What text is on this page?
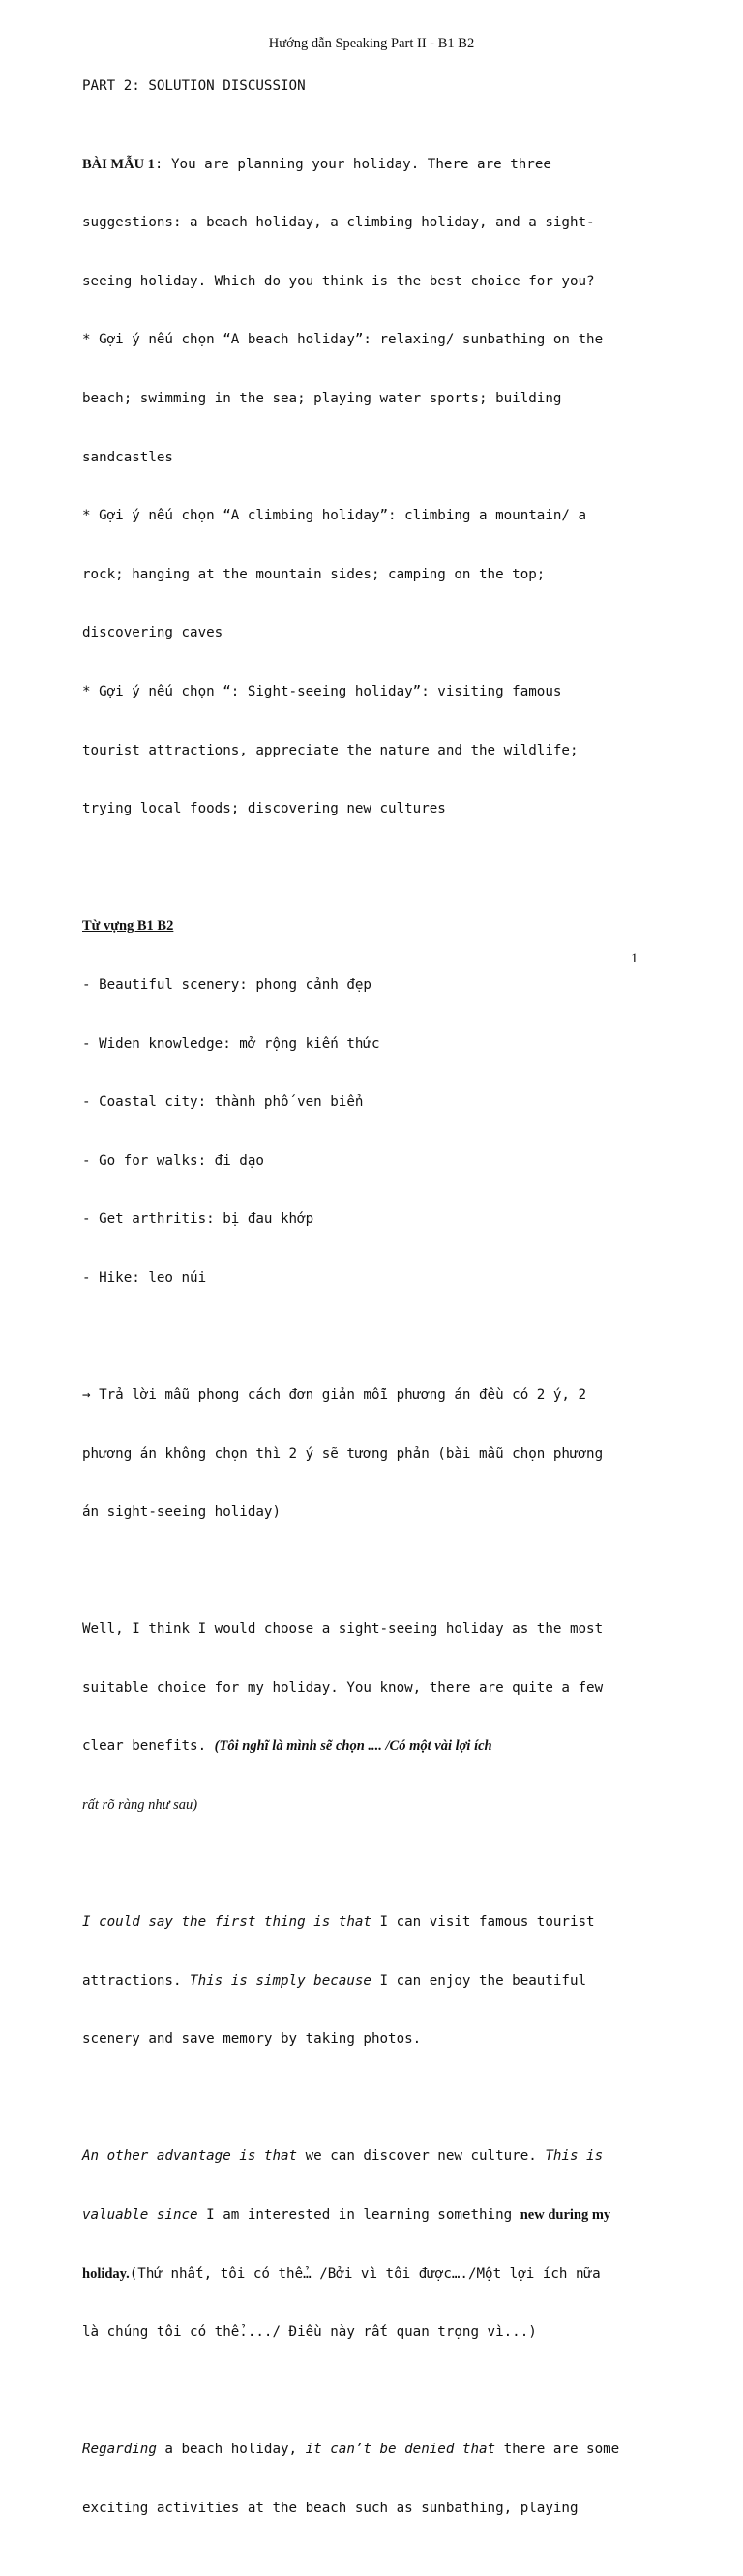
Hướng dẫn Speaking Part II - B1 B2

PART 2: SOLUTION DISCUSSION

BÀI MẪU 1: You are planning your holiday. There are three

suggestions: a beach holiday, a climbing holiday, and a sight-

seeing holiday. Which do you think is the best choice for you?

* Gợi ý nếu chọn “A beach holiday”: relaxing/ sunbathing on the

beach; swimming in the sea; playing water sports; building

sandcastles

* Gợi ý nếu chọn “A climbing holiday”: climbing a mountain/ a

rock; hanging at the mountain sides; camping on the top;

discovering caves

* Gợi ý nếu chọn “: Sight-seeing holiday”: visiting famous

tourist attractions, appreciate the nature and the wildlife;

trying local foods; discovering new cultures

Từ vựng B1 B2

- Beautiful scenery: phong cảnh đẹp

- Widen knowledge: mở rộng kiến thức

- Coastal city: thành phố ven biển

- Go for walks: đi dạo

- Get arthritis: bị đau khớp

- Hike: leo núi

→ Trả lời mẫu phong cách đơn giản mỗi phương án đều có 2 ý, 2

phương án không chọn thì 2 ý sẽ tương phản (bài mẫu chọn phương

án sight-seeing holiday)

Well, I think I would choose a sight-seeing holiday as the most

suitable choice for my holiday. You know, there are quite a few

clear benefits. (Tôi nghĩ là mình sẽ chọn .... /Có một vài lợi ích

rất rõ ràng như sau)

I could say the first thing is that I can visit famous tourist

attractions. This is simply because I can enjoy the beautiful

scenery and save memory by taking photos.

An other advantage is that we can discover new culture. This is

valuable since I am interested in learning something new during my

holiday.(Thứ nhất, tôi có thể… /Bởi vì tôi được…./Một lợi ích nữa

là chúng tôi có thể..../ Điều này rất quan trọng vì...)

Regarding a beach holiday, it can’t be denied that there are some

exciting activities at the beach such as sunbathing, playing

1
